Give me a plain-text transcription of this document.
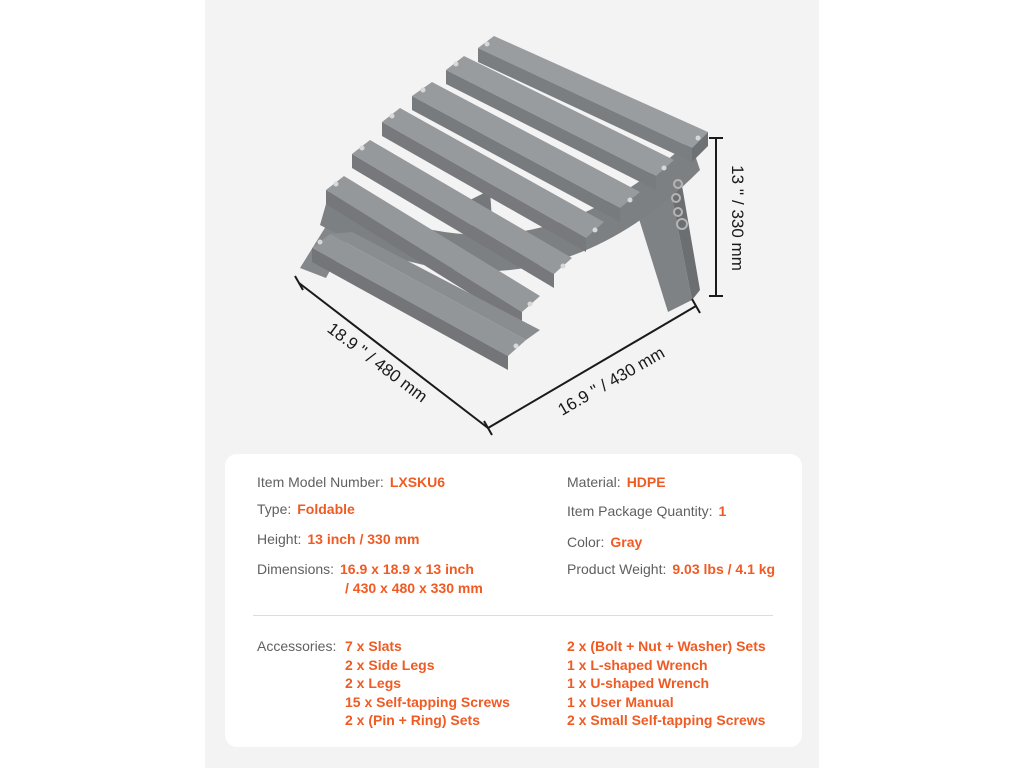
13 '' / 330 mm
18.9 '' / 480 mm	16.9 '' / 430 mm
Item Model Number: LXSKU6
Type: Foldable
Height: 13 inch / 330 mm
Dimensions: 16.9 x 18.9 x 13 inch
/ 430 x 480 x 330 mm
Material: HDPE
Item Package Quantity: 1
Color: Gray
Product Weight: 9.03 lbs / 4.1 kg
Accessories: 7 x Slats
2 x Side Legs
2 x Legs
15 x Self-tapping Screws
2 x (Pin + Ring) Sets
2 x (Bolt + Nut + Washer) Sets
1 x L-shaped Wrench
1 x U-shaped Wrench
1 x User Manual
2 x Small Self-tapping Screws
